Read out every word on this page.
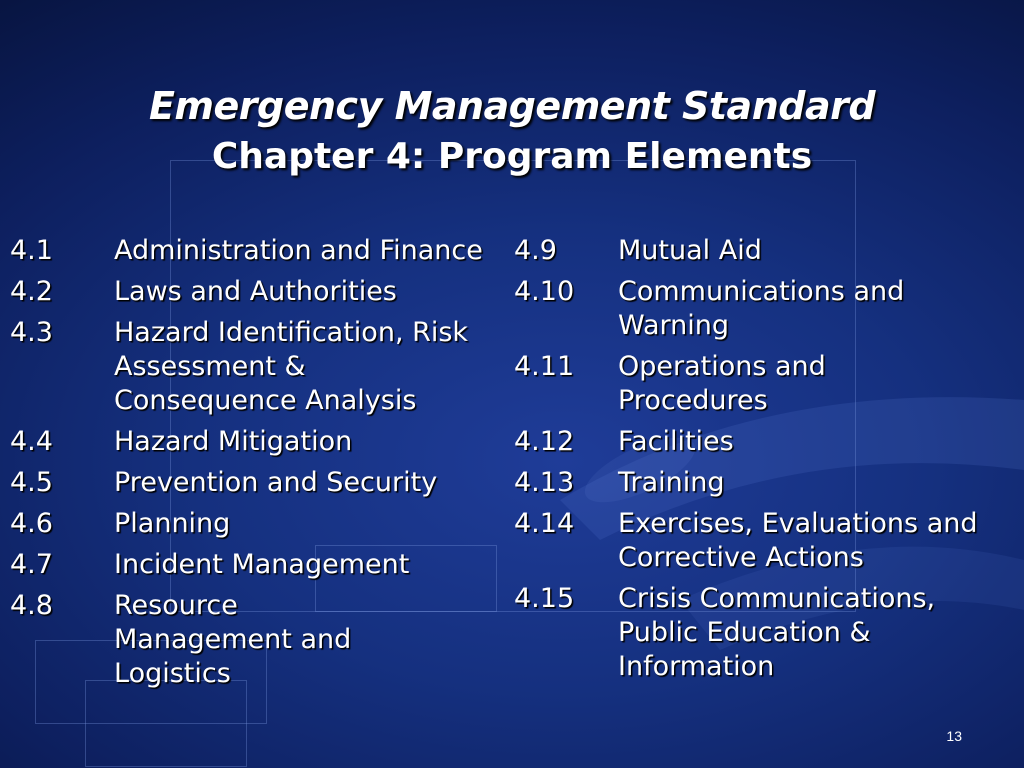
Emergency Management Standard
Chapter 4: Program Elements
4.1	Administration and Finance
4.2	Laws and Authorities
4.3	Hazard Identification, Risk Assessment & Consequence Analysis
4.4	Hazard Mitigation
4.5	Prevention and Security
4.6	Planning
4.7	Incident Management
4.8	Resource Management and Logistics
4.9	Mutual Aid
4.10	Communications and Warning
4.11	Operations and Procedures
4.12	Facilities
4.13	Training
4.14	Exercises, Evaluations and Corrective Actions
4.15	Crisis Communications, Public Education & Information
13
